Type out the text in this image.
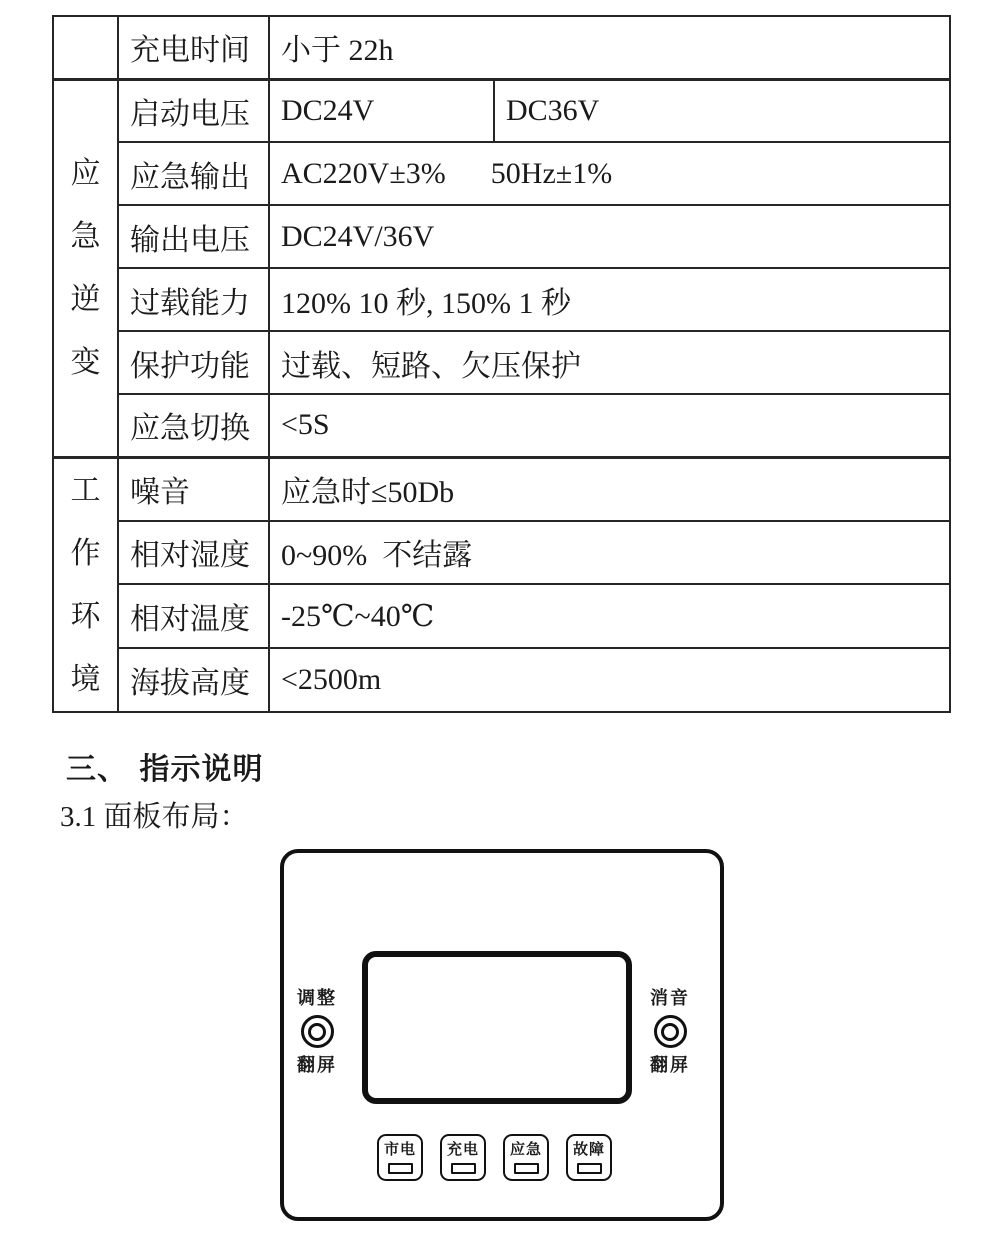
	充电时间	小于 22h	

应急逆变	启动电压	DC24V	DC36V
	应急输出	AC220V±3%      50Hz±1%	
	输出电压	DC24V/36V	
	过载能力	120% 10 秒, 150% 1 秒	
	保护功能	过载、短路、欠压保护	
	应急切换	<5S	

工作环境	噪音	应急时≤50Db	
	相对湿度	0~90%  不结露	
	相对温度	-25℃~40℃	
	海拔高度	<2500m	
三、 指示说明
3.1 面板布局：
调整
翻屏
消音
翻屏
市电	充电	应急	故障
